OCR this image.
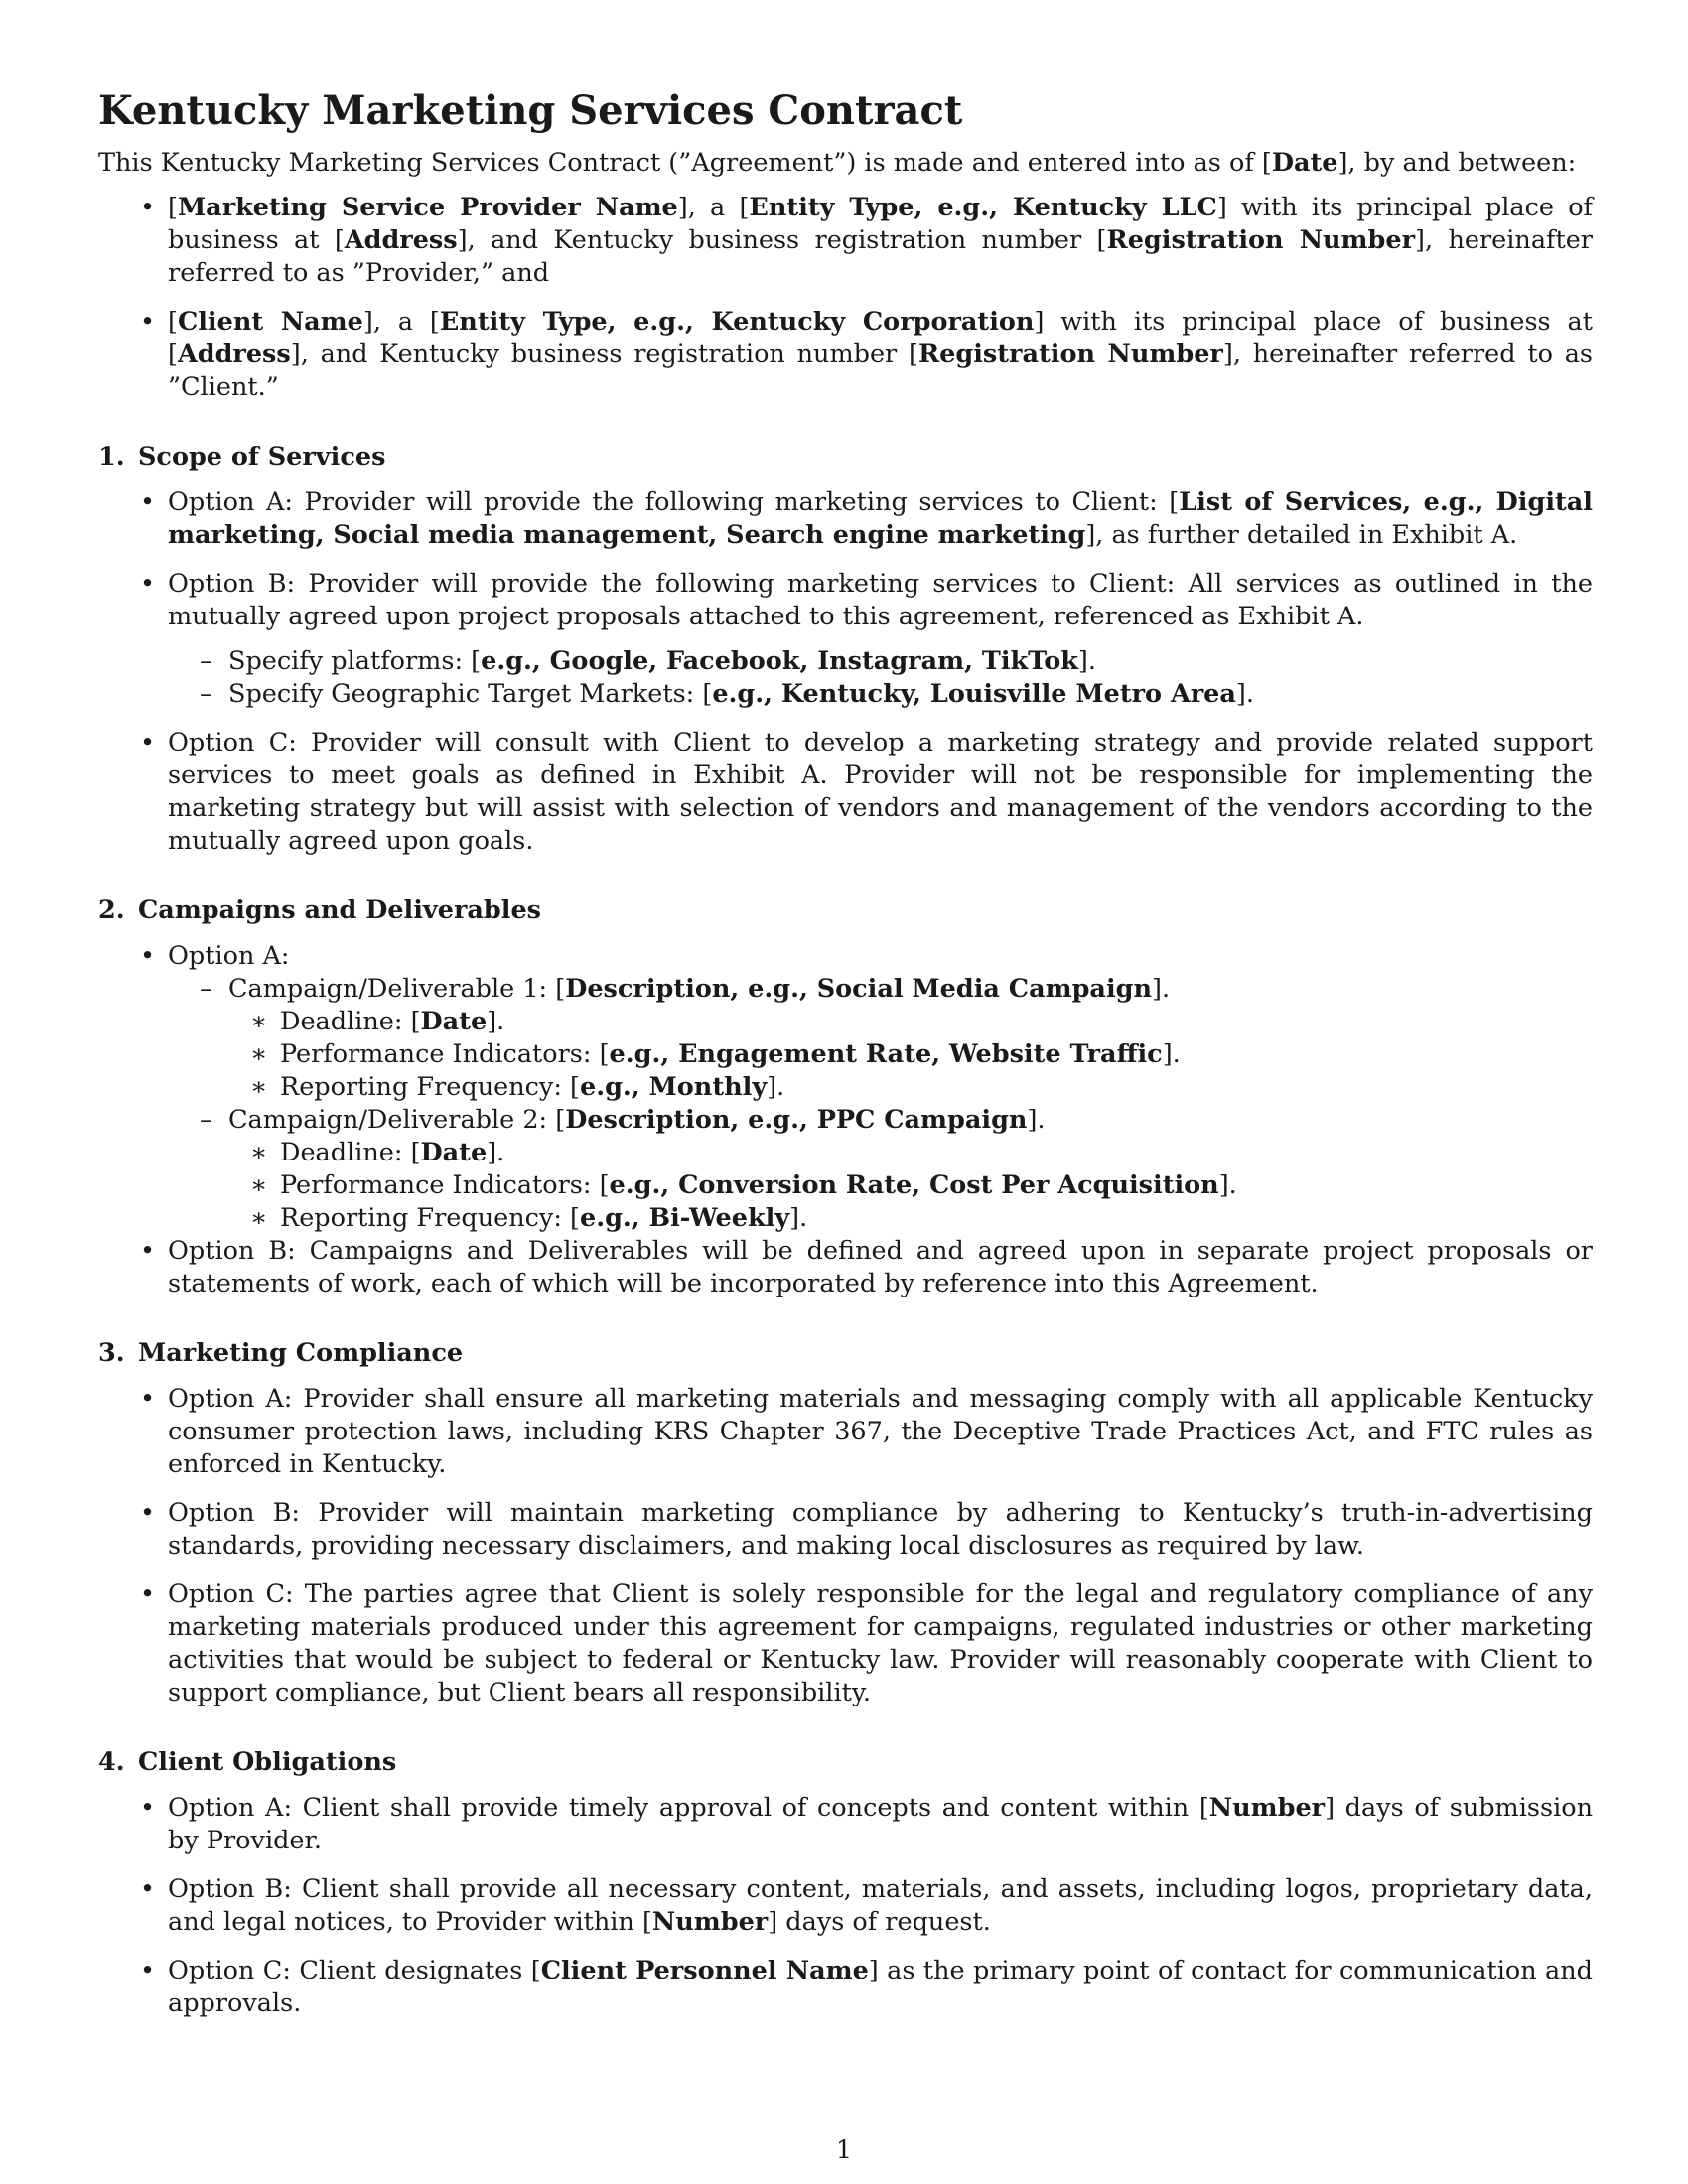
Kentucky Marketing Services Contract

This Kentucky Marketing Services Contract (”Agreement”) is made and entered into as of [Date], by and between:

• [Marketing Service Provider Name], a [Entity Type, e.g., Kentucky LLC] with its principal place of business at [Address], and Kentucky business registration number [Registration Number], hereinafter referred to as ”Provider,” and
• [Client Name], a [Entity Type, e.g., Kentucky Corporation] with its principal place of business at [Address], and Kentucky business registration number [Registration Number], hereinafter referred to as ”Client.”
1. Scope of Services
• Option A: Provider will provide the following marketing services to Client: [List of Services, e.g., Digital marketing, Social media management, Search engine marketing], as further detailed in Exhibit A.
• Option B: Provider will provide the following marketing services to Client: All services as outlined in the mutually agreed upon project proposals attached to this agreement, referenced as Exhibit A.
– Specify platforms: [e.g., Google, Facebook, Instagram, TikTok].
– Specify Geographic Target Markets: [e.g., Kentucky, Louisville Metro Area].
• Option C: Provider will consult with Client to develop a marketing strategy and provide related support services to meet goals as defined in Exhibit A. Provider will not be responsible for implementing the marketing strategy but will assist with selection of vendors and management of the vendors according to the mutually agreed upon goals.
2. Campaigns and Deliverables
• Option A:
– Campaign/Deliverable 1: [Description, e.g., Social Media Campaign].
∗ Deadline: [Date].
∗ Performance Indicators: [e.g., Engagement Rate, Website Traffic].
∗ Reporting Frequency: [e.g., Monthly].
– Campaign/Deliverable 2: [Description, e.g., PPC Campaign].
∗ Deadline: [Date].
∗ Performance Indicators: [e.g., Conversion Rate, Cost Per Acquisition].
∗ Reporting Frequency: [e.g., Bi-Weekly].
• Option B: Campaigns and Deliverables will be defined and agreed upon in separate project proposals or statements of work, each of which will be incorporated by reference into this Agreement.
3. Marketing Compliance
• Option A: Provider shall ensure all marketing materials and messaging comply with all applicable Kentucky consumer protection laws, including KRS Chapter 367, the Deceptive Trade Practices Act, and FTC rules as enforced in Kentucky.
• Option B: Provider will maintain marketing compliance by adhering to Kentucky’s truth-in-advertising standards, providing necessary disclaimers, and making local disclosures as required by law.
• Option C: The parties agree that Client is solely responsible for the legal and regulatory compliance of any marketing materials produced under this agreement for campaigns, regulated industries or other marketing activities that would be subject to federal or Kentucky law. Provider will reasonably cooperate with Client to support compliance, but Client bears all responsibility.
4. Client Obligations
• Option A: Client shall provide timely approval of concepts and content within [Number] days of submission by Provider.
• Option B: Client shall provide all necessary content, materials, and assets, including logos, proprietary data, and legal notices, to Provider within [Number] days of request.
• Option C: Client designates [Client Personnel Name] as the primary point of contact for communication and approvals.
1
